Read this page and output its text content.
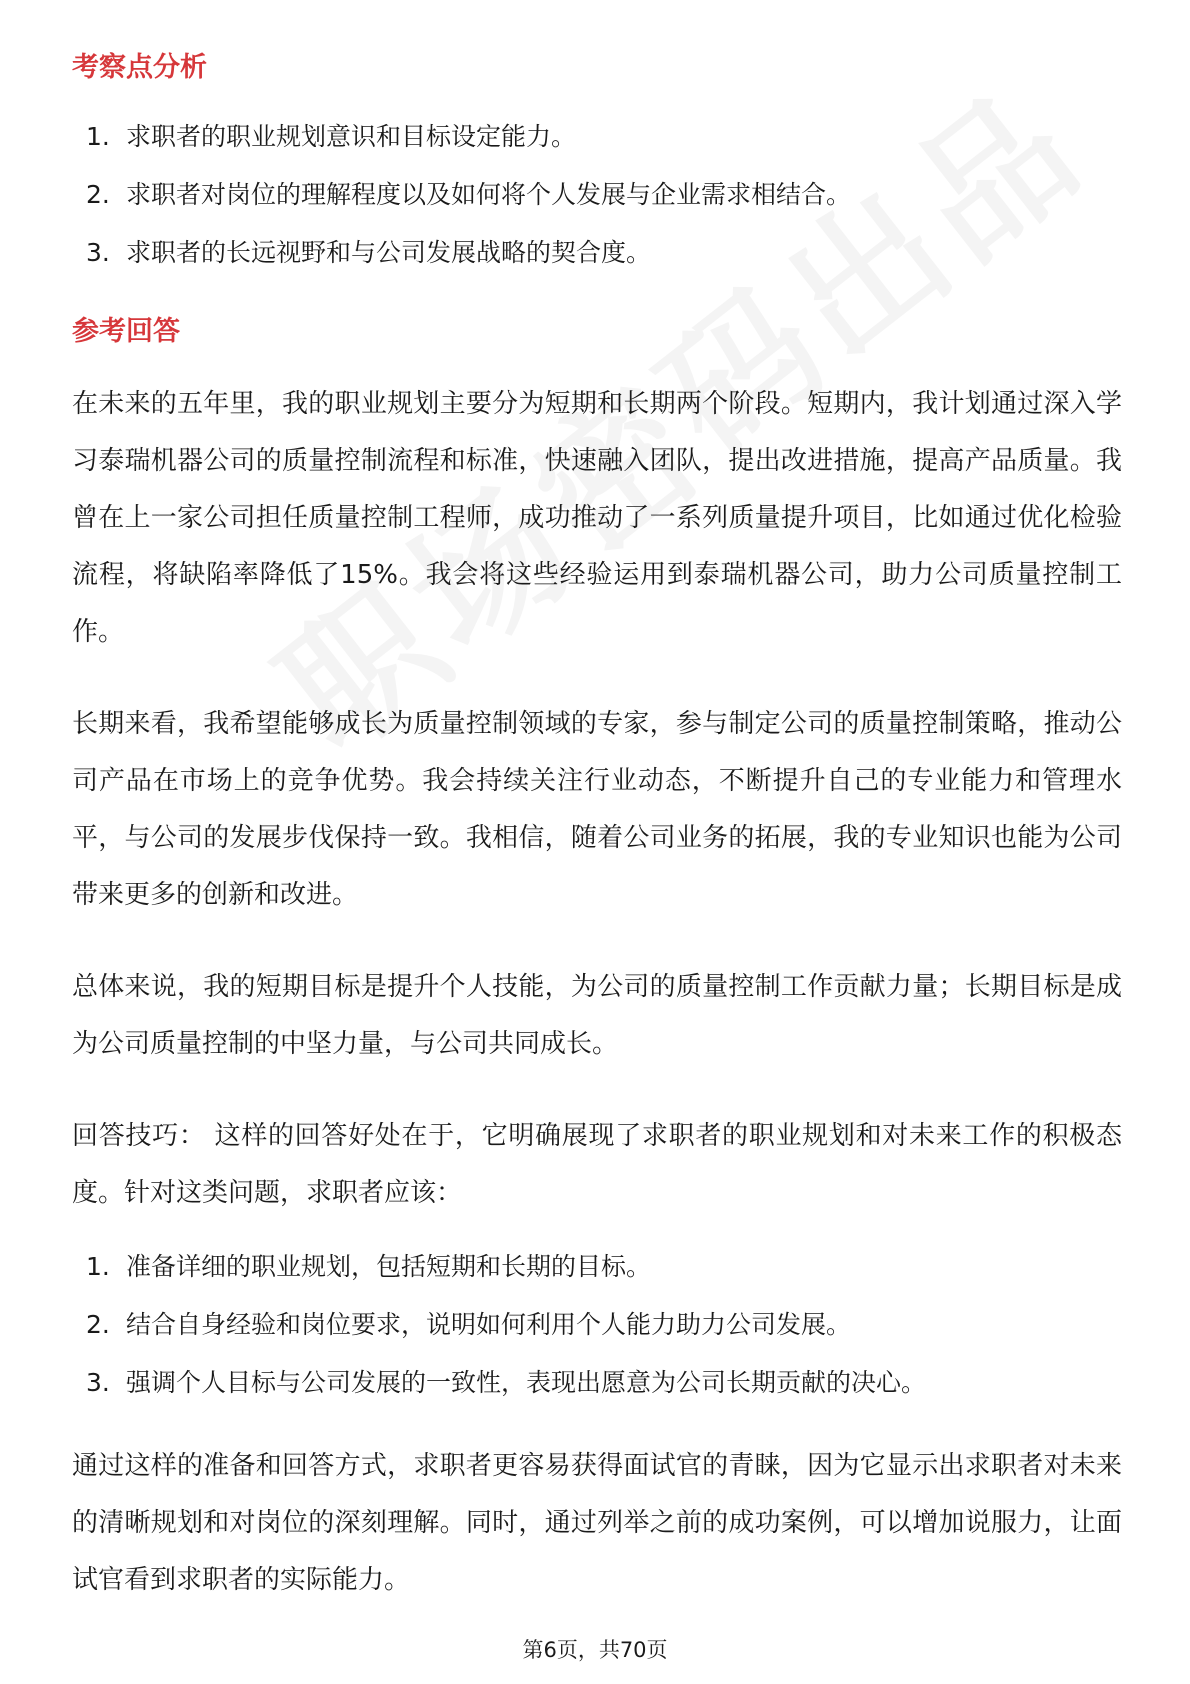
考察点分析
1. 求职者的职业规划意识和目标设定能力。
2. 求职者对岗位的理解程度以及如何将个人发展与企业需求相结合。
3. 求职者的长远视野和与公司发展战略的契合度。
参考回答

在未来的五年里，我的职业规划主要分为短期和长期两个阶段。短期内，我计划通过深入学习泰瑞机器公司的质量控制流程和标准，快速融入团队，提出改进措施，提高产品质量。我曾在上一家公司担任质量控制工程师，成功推动了一系列质量提升项目，比如通过优化检验流程，将缺陷率降低了15%。我会将这些经验运用到泰瑞机器公司，助力公司质量控制工作。

长期来看，我希望能够成长为质量控制领域的专家，参与制定公司的质量控制策略，推动公司产品在市场上的竞争优势。我会持续关注行业动态，不断提升自己的专业能力和管理水平，与公司的发展步伐保持一致。我相信，随着公司业务的拓展，我的专业知识也能为公司带来更多的创新和改进。

总体来说，我的短期目标是提升个人技能，为公司的质量控制工作贡献力量；长期目标是成为公司质量控制的中坚力量，与公司共同成长。

回答技巧： 这样的回答好处在于，它明确展现了求职者的职业规划和对未来工作的积极态度。针对这类问题，求职者应该：

1. 准备详细的职业规划，包括短期和长期的目标。
2. 结合自身经验和岗位要求，说明如何利用个人能力助力公司发展。
3. 强调个人目标与公司发展的一致性，表现出愿意为公司长期贡献的决心。

通过这样的准备和回答方式，求职者更容易获得面试官的青睐，因为它显示出求职者对未来的清晰规划和对岗位的深刻理解。同时，通过列举之前的成功案例，可以增加说服力，让面试官看到求职者的实际能力。

第6页，共70页
